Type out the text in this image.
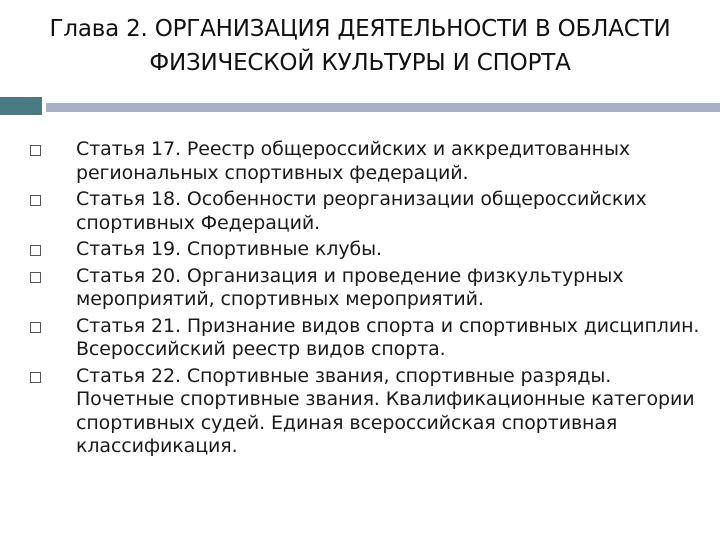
Глава 2. ОРГАНИЗАЦИЯ ДЕЯТЕЛЬНОСТИ В ОБЛАСТИ
ФИЗИЧЕСКОЙ КУЛЬТУРЫ И СПОРТА
Статья 17. Реестр общероссийских и аккредитованных региональных спортивных федераций.
Статья 18. Особенности реорганизации общероссийских спортивных Федераций.
Статья 19. Спортивные клубы.
Статья 20. Организация и проведение физкультурных мероприятий, спортивных мероприятий.
Статья 21. Признание видов спорта и спортивных дисциплин. Всероссийский реестр видов спорта.
Статья 22. Спортивные звания, спортивные разряды. Почетные спортивные звания. Квалификационные категории спортивных судей. Единая всероссийская спортивная классификация.
